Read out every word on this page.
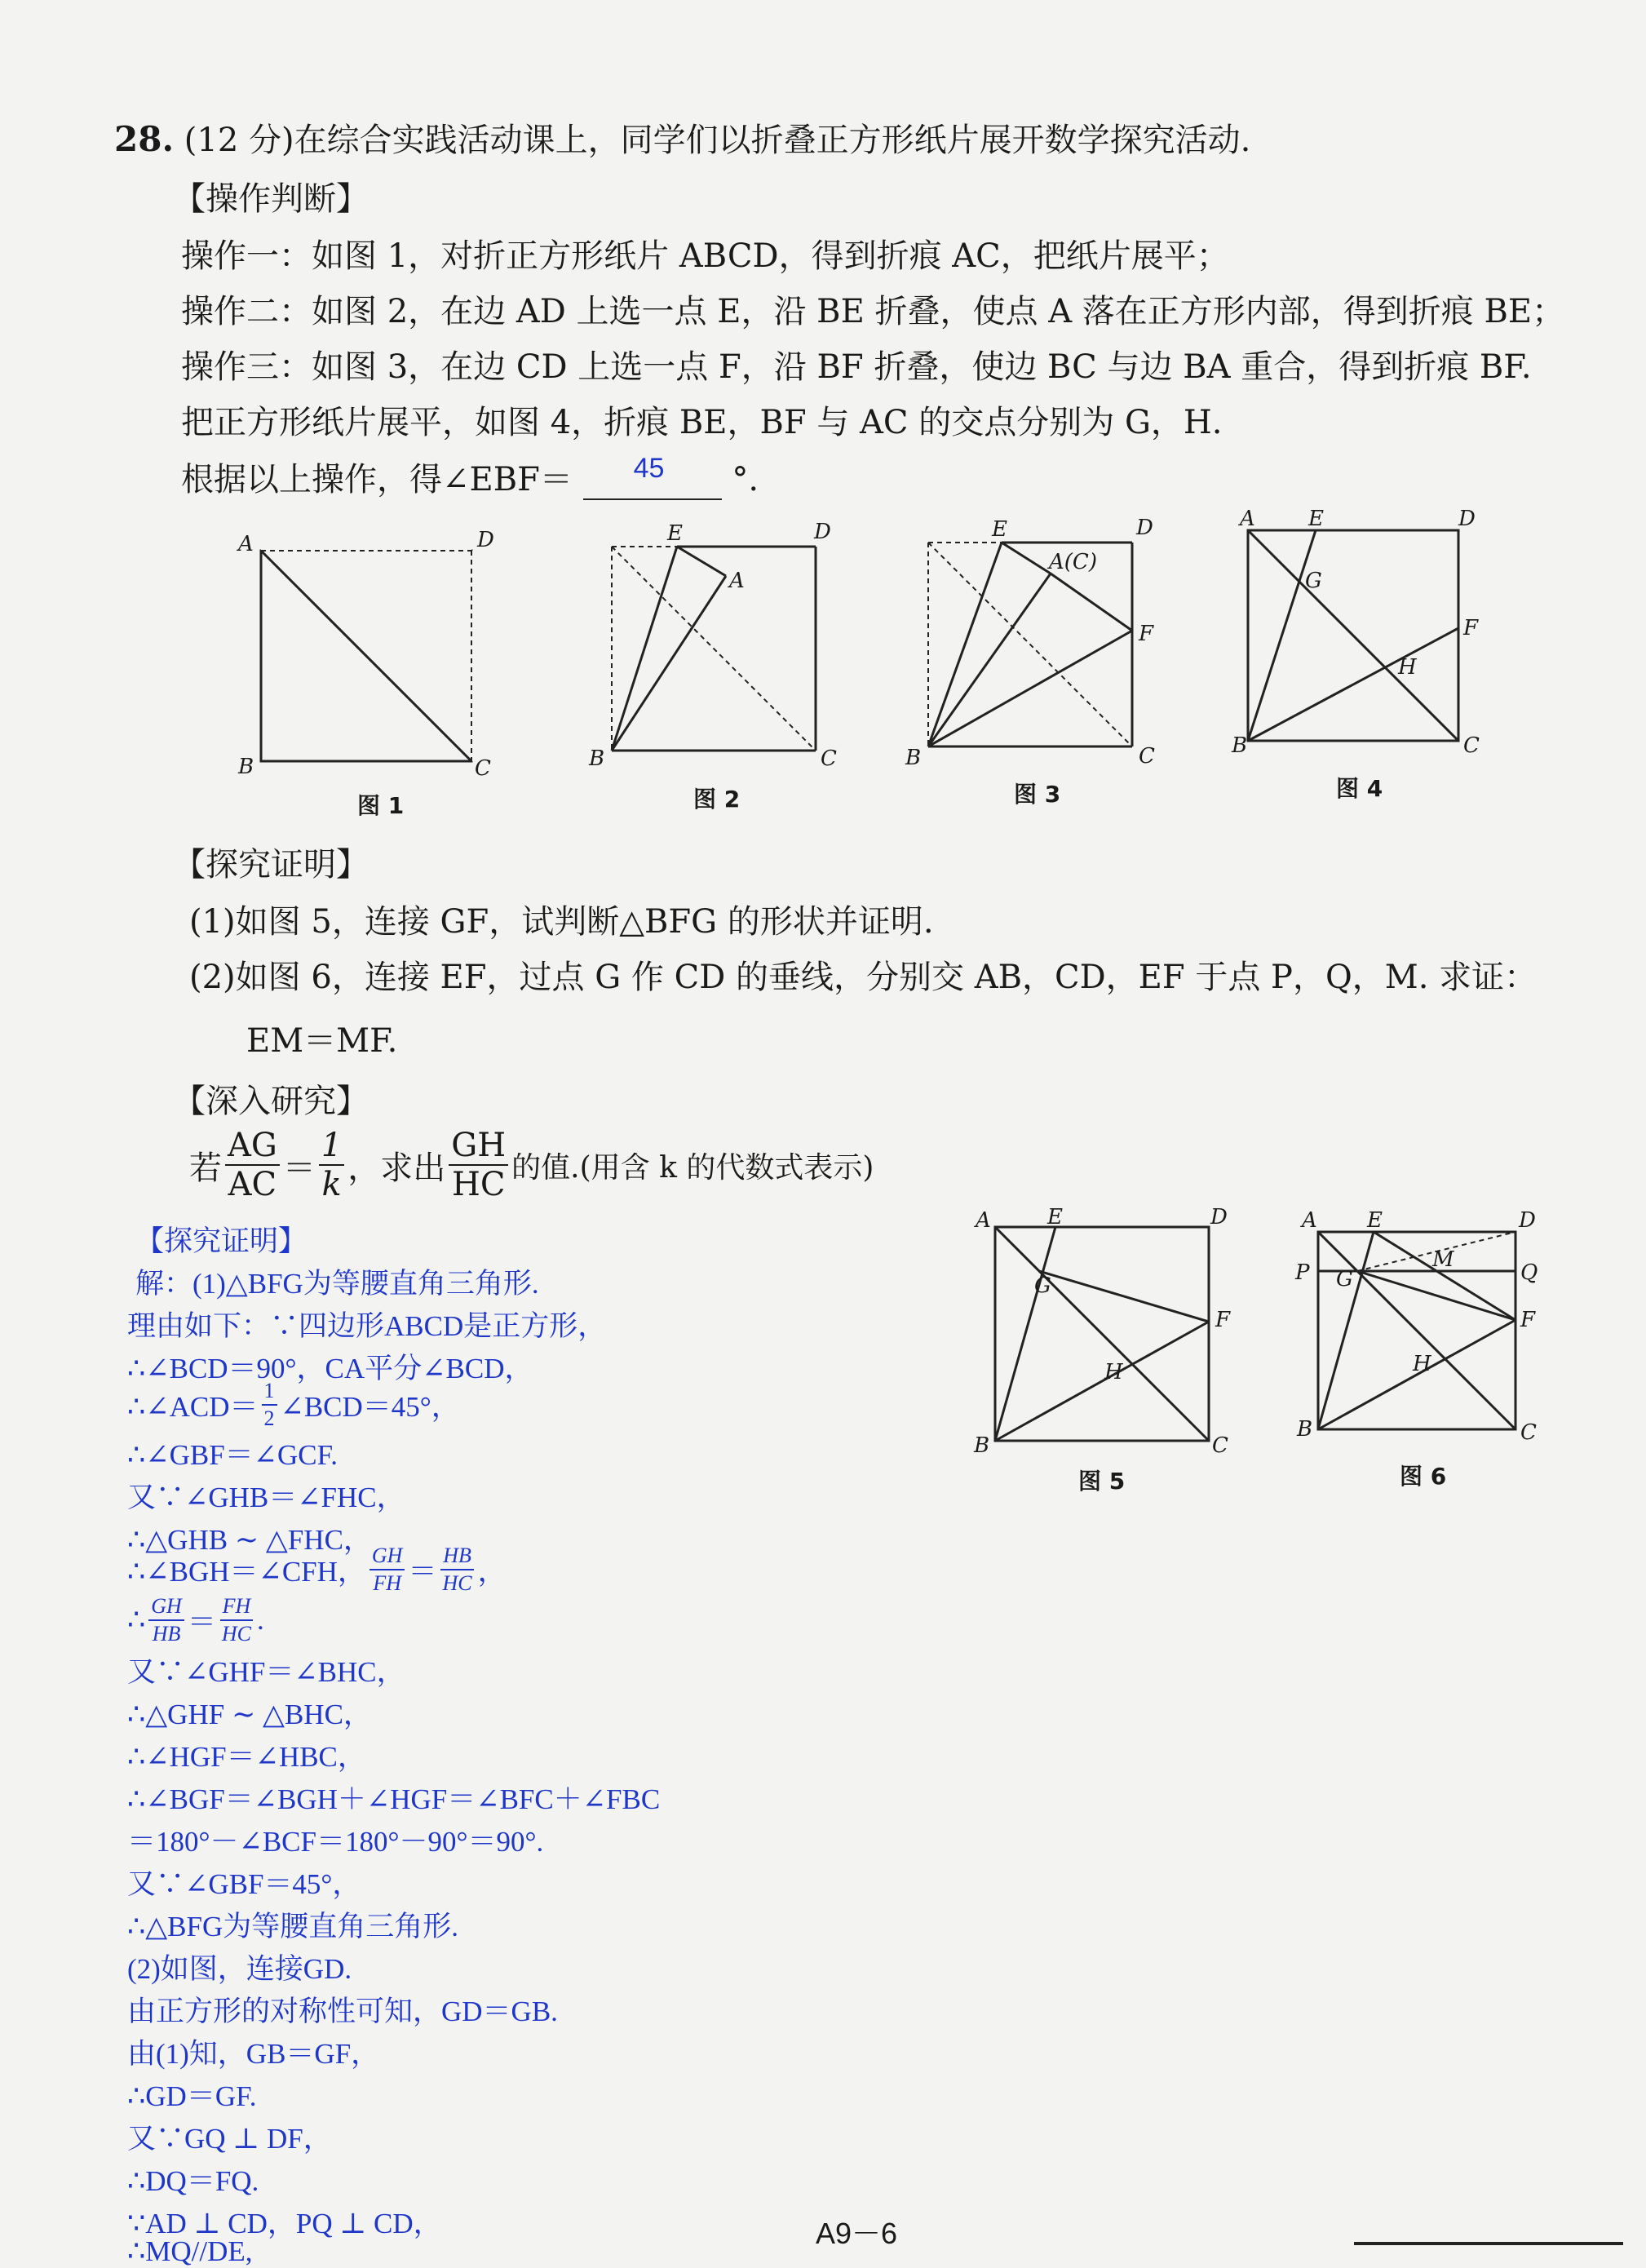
28. (12 分)在综合实践活动课上，同学们以折叠正方形纸片展开数学探究活动.
【操作判断】
操作一：如图 1，对折正方形纸片 ABCD，得到折痕 AC，把纸片展平；
操作二：如图 2，在边 AD 上选一点 E，沿 BE 折叠，使点 A 落在正方形内部，得到折痕 BE；
操作三：如图 3，在边 CD 上选一点 F，沿 BF 折叠，使边 BC 与边 BA 重合，得到折痕 BF.
把正方形纸片展平，如图 4，折痕 BE，BF 与 AC 的交点分别为 G，H.
根据以上操作，得∠EBF＝ 45 °.
A	D
B	C
图 1
E	D
A
B	C
图 2
E	D
A(C)
F
B	C
图 3
A	E	D
G
F
H
B	C
图 4
【探究证明】
(1)如图 5，连接 GF，试判断△BFG 的形状并证明.
(2)如图 6，连接 EF，过点 G 作 CD 的垂线，分别交 AB，CD，EF 于点 P，Q，M. 求证：
EM＝MF.
【深入研究】
若 $\frac{AG}{AC} = \frac{1}{k}$ ，求出 $\frac{GH}{HC}$ 的值.(用含 k 的代数式表示)
A	E	D
G
F
H
B	C
图 5
A E	D
P G
M
Q
F
H
B	C
图 6
【探究证明】
解：(1)△BFG为等腰直角三角形.
理由如下：∵四边形ABCD是正方形，
∴∠BCD＝90°，CA平分∠BCD，
∴∠ACD＝ $\frac{1}{2}$ ∠BCD＝45°，
∴∠GBF＝∠GCF.
又∵∠GHB＝∠FHC，
∴△GHB ∼ △FHC，
∴∠BGH＝∠CFH， $\frac{GH}{FH} = \frac{HB}{HC}$ ，
∴ $\frac{GH}{HB} = \frac{FH}{HC}$ .
又∵∠GHF＝∠BHC，
∴△GHF ∼ △BHC，
∴∠HGF＝∠HBC，
∴∠BGF＝∠BGH＋∠HGF＝∠BFC＋∠FBC
＝180°－∠BCF＝180°－90°＝90°.
又∵∠GBF＝45°，
∴△BFG为等腰直角三角形.
(2)如图，连接GD.
由正方形的对称性可知，GD＝GB.
由(1)知，GB＝GF，
∴GD＝GF.
又∵GQ ⊥ DF，
∴DQ＝FQ.
∵AD ⊥ CD，PQ ⊥ CD，
∴MQ//DE,
A9－6
